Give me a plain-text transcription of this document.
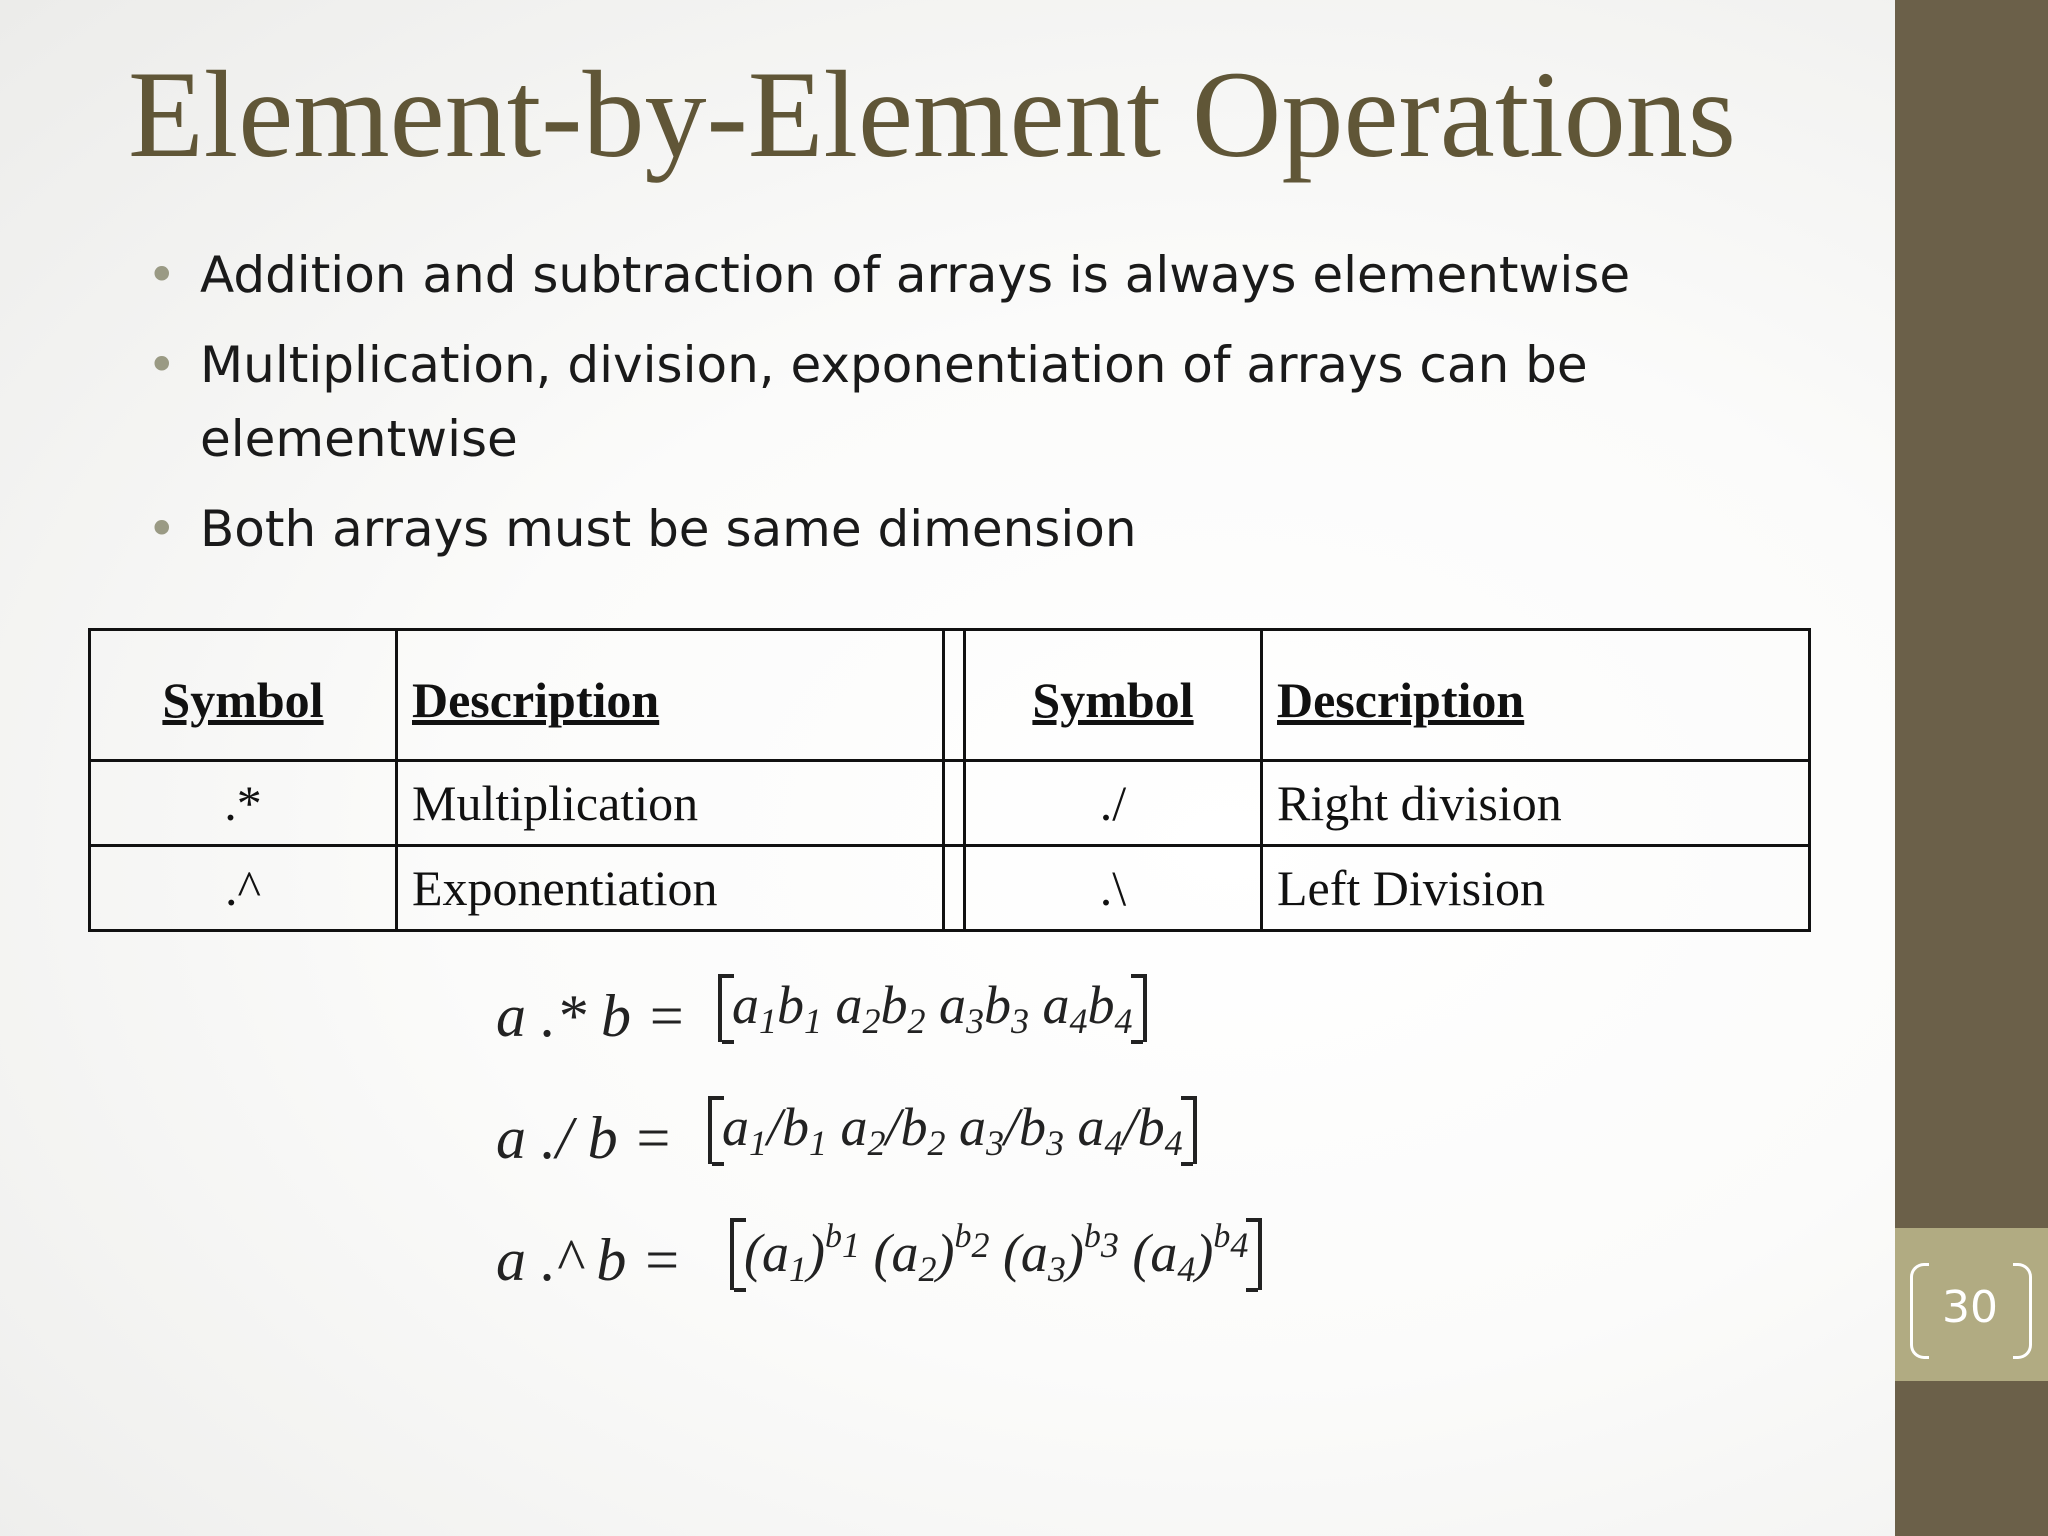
Element-by-Element Operations
• Addition and subtraction of arrays is always elementwise
• Multiplication, division, exponentiation of arrays can be elementwise
• Both arrays must be same dimension
Symbol	Description		Symbol	Description
.*	Multiplication		./	Right division
.^	Exponentiation		.\	Left Division
a .* $b = a_1b_1$ $a_2b_2$ $a_3b_3$ $a_4b_4$
a ./ $b = a_1/b_1$ $a_2/b_2$ $a_3/b_3$ $a_4/b_4$
a .^ $b = (a_1)^{b_1}$ $(a_2)^{b_2}$ $(a_3)^{b_3}$ $(a_4)^{b_4}$
30
